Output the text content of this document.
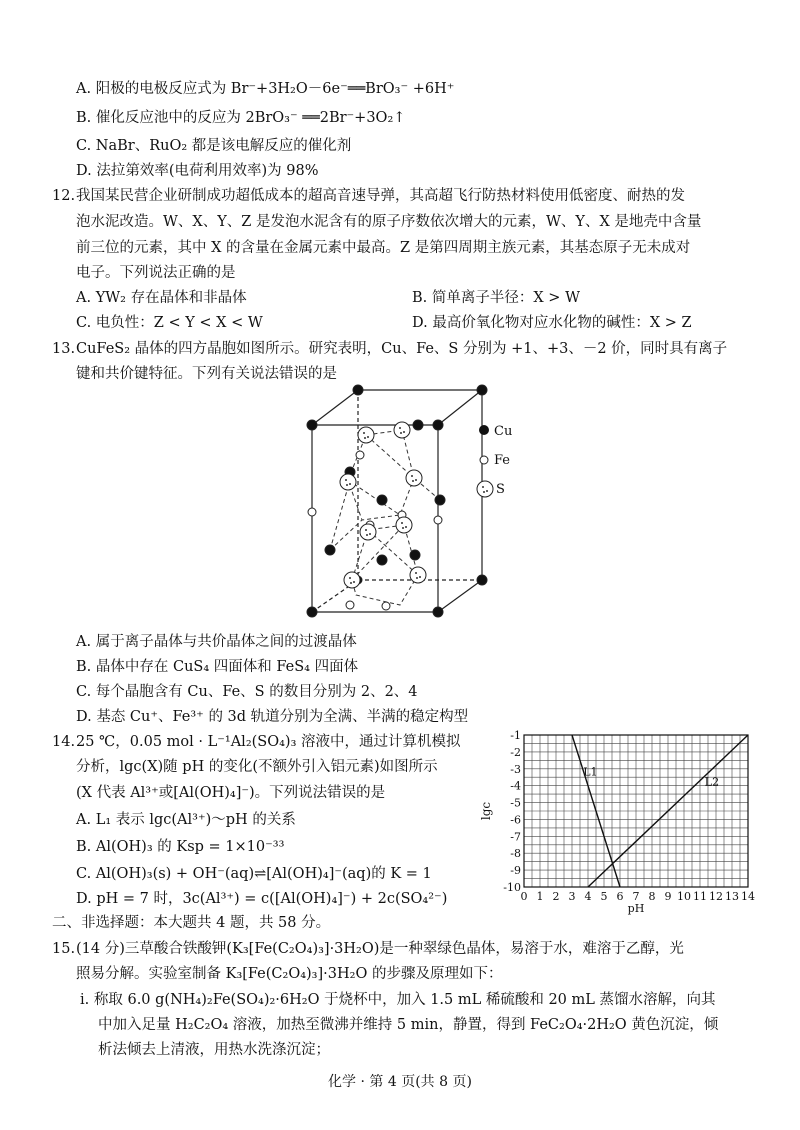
A. 阳极的电极反应式为 Br⁻+3H₂O－6e⁻══BrO₃⁻ +6H⁺
B. 催化反应池中的反应为 2BrO₃⁻ ══2Br⁻+3O₂↑
C. NaBr、RuO₂ 都是该电解反应的催化剂
D. 法拉第效率(电荷利用效率)为 98%
12. 我国某民营企业研制成功超低成本的超高音速导弹，其高超飞行防热材料使用低密度、耐热的发
泡水泥改造。W、X、Y、Z 是发泡水泥含有的原子序数依次增大的元素，W、Y、X 是地壳中含量
前三位的元素，其中 X 的含量在金属元素中最高。Z 是第四周期主族元素，其基态原子无未成对
电子。下列说法正确的是
A. YW₂ 存在晶体和非晶体	B. 简单离子半径：X > W
C. 电负性：Z < Y < X < W	D. 最高价氧化物对应水化物的碱性：X > Z
13. CuFeS₂ 晶体的四方晶胞如图所示。研究表明，Cu、Fe、S 分别为 +1、+3、－2 价，同时具有离子
键和共价键特征。下列有关说法错误的是
Cu
Fe
S
A. 属于离子晶体与共价晶体之间的过渡晶体
B. 晶体中存在 CuS₄ 四面体和 FeS₄ 四面体
C. 每个晶胞含有 Cu、Fe、S 的数目分别为 2、2、4
D. 基态 Cu⁺、Fe³⁺ 的 3d 轨道分别为全满、半满的稳定构型
14. 25 ℃，0.05 mol · L⁻¹Al₂(SO₄)₃ 溶液中，通过计算机模拟
分析，lgc(X)随 pH 的变化(不额外引入铝元素)如图所示
(X 代表 Al³⁺或[Al(OH)₄]⁻)。下列说法错误的是
A. L₁ 表示 lgc(Al³⁺)～pH 的关系
B. Al(OH)₃ 的 Ksp = 1×10⁻³³
C. Al(OH)₃(s) + OH⁻(aq)⇌[Al(OH)₄]⁻(aq)的 K = 1
D. pH = 7 时，3c(Al³⁺) = c([Al(OH)₄]⁻) + 2c(SO₄²⁻)	0 1 2 3 4 5 6 7 8 9 10 11 12 13 14
-1
-2
-3
-4
-5
-6
-7
-8
-9
-10
pH
lgc
L1
L2
二、非选择题：本大题共 4 题，共 58 分。
15. (14 分)三草酸合铁酸钾(K₃[Fe(C₂O₄)₃]·3H₂O)是一种翠绿色晶体，易溶于水，难溶于乙醇，光
照易分解。实验室制备 K₃[Fe(C₂O₄)₃]·3H₂O 的步骤及原理如下：
ⅰ. 称取 6.0 g(NH₄)₂Fe(SO₄)₂·6H₂O 于烧杯中，加入 1.5 mL 稀硫酸和 20 mL 蒸馏水溶解，向其
中加入足量 H₂C₂O₄ 溶液，加热至微沸并维持 5 min，静置，得到 FeC₂O₄·2H₂O 黄色沉淀，倾
析法倾去上清液，用热水洗涤沉淀；
化学 · 第 4 页(共 8 页)
